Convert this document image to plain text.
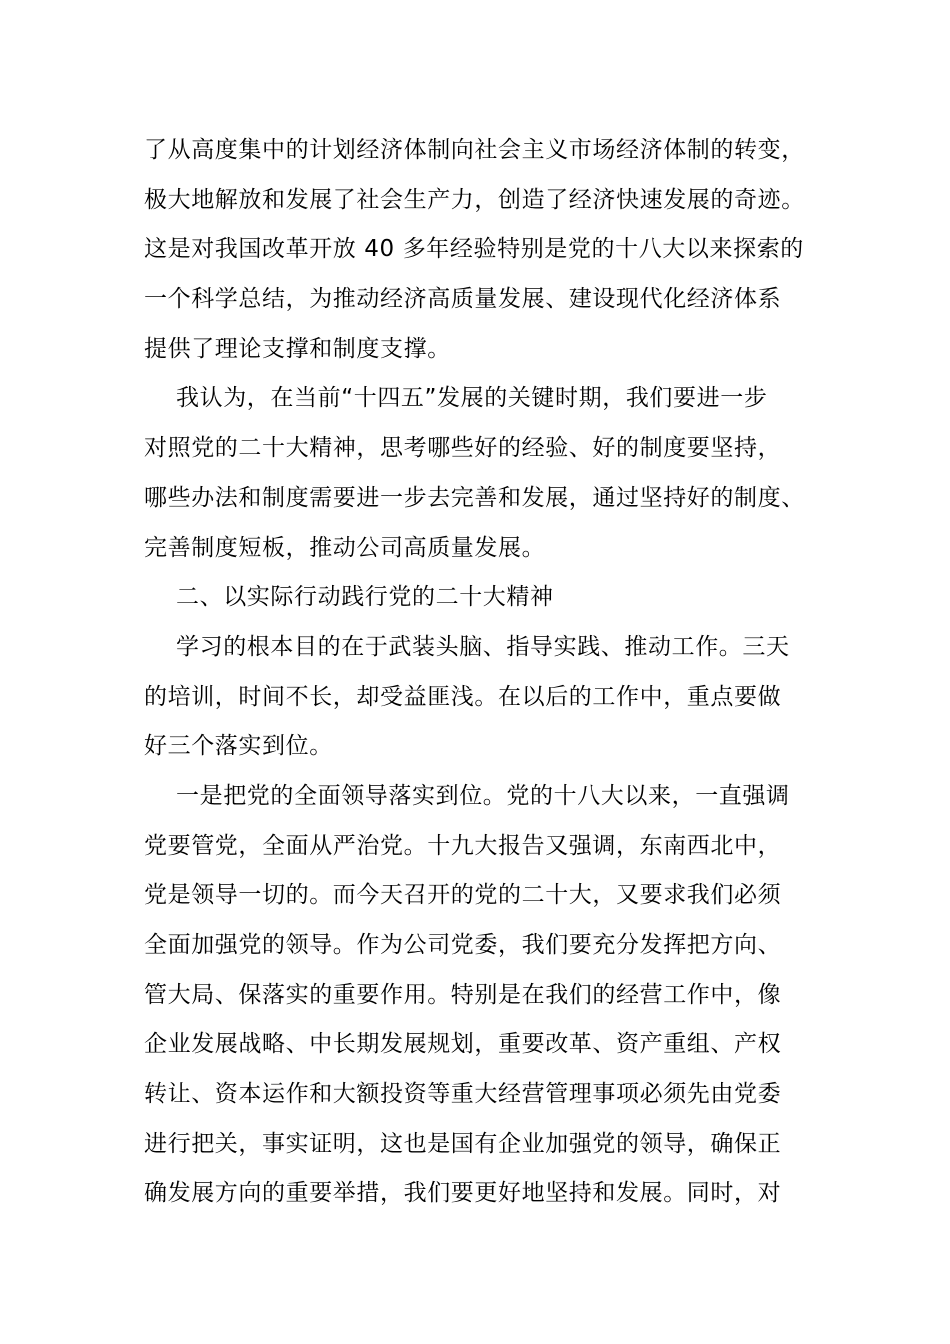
了从高度集中的计划经济体制向社会主义市场经济体制的转变，
极大地解放和发展了社会生产力，创造了经济快速发展的奇迹。
这是对我国改革开放 40 多年经验特别是党的十八大以来探索的
一个科学总结，为推动经济高质量发展、建设现代化经济体系
提供了理论支撑和制度支撑。
我认为，在当前“十四五”发展的关键时期，我们要进一步
对照党的二十大精神，思考哪些好的经验、好的制度要坚持，
哪些办法和制度需要进一步去完善和发展，通过坚持好的制度、
完善制度短板，推动公司高质量发展。
二、以实际行动践行党的二十大精神
学习的根本目的在于武装头脑、指导实践、推动工作。三天
的培训，时间不长，却受益匪浅。在以后的工作中，重点要做
好三个落实到位。
一是把党的全面领导落实到位。党的十八大以来，一直强调
党要管党，全面从严治党。十九大报告又强调，东南西北中，
党是领导一切的。而今天召开的党的二十大，又要求我们必须
全面加强党的领导。作为公司党委，我们要充分发挥把方向、
管大局、保落实的重要作用。特别是在我们的经营工作中，像
企业发展战略、中长期发展规划，重要改革、资产重组、产权
转让、资本运作和大额投资等重大经营管理事项必须先由党委
进行把关，事实证明，这也是国有企业加强党的领导，确保正
确发展方向的重要举措，我们要更好地坚持和发展。同时，对
